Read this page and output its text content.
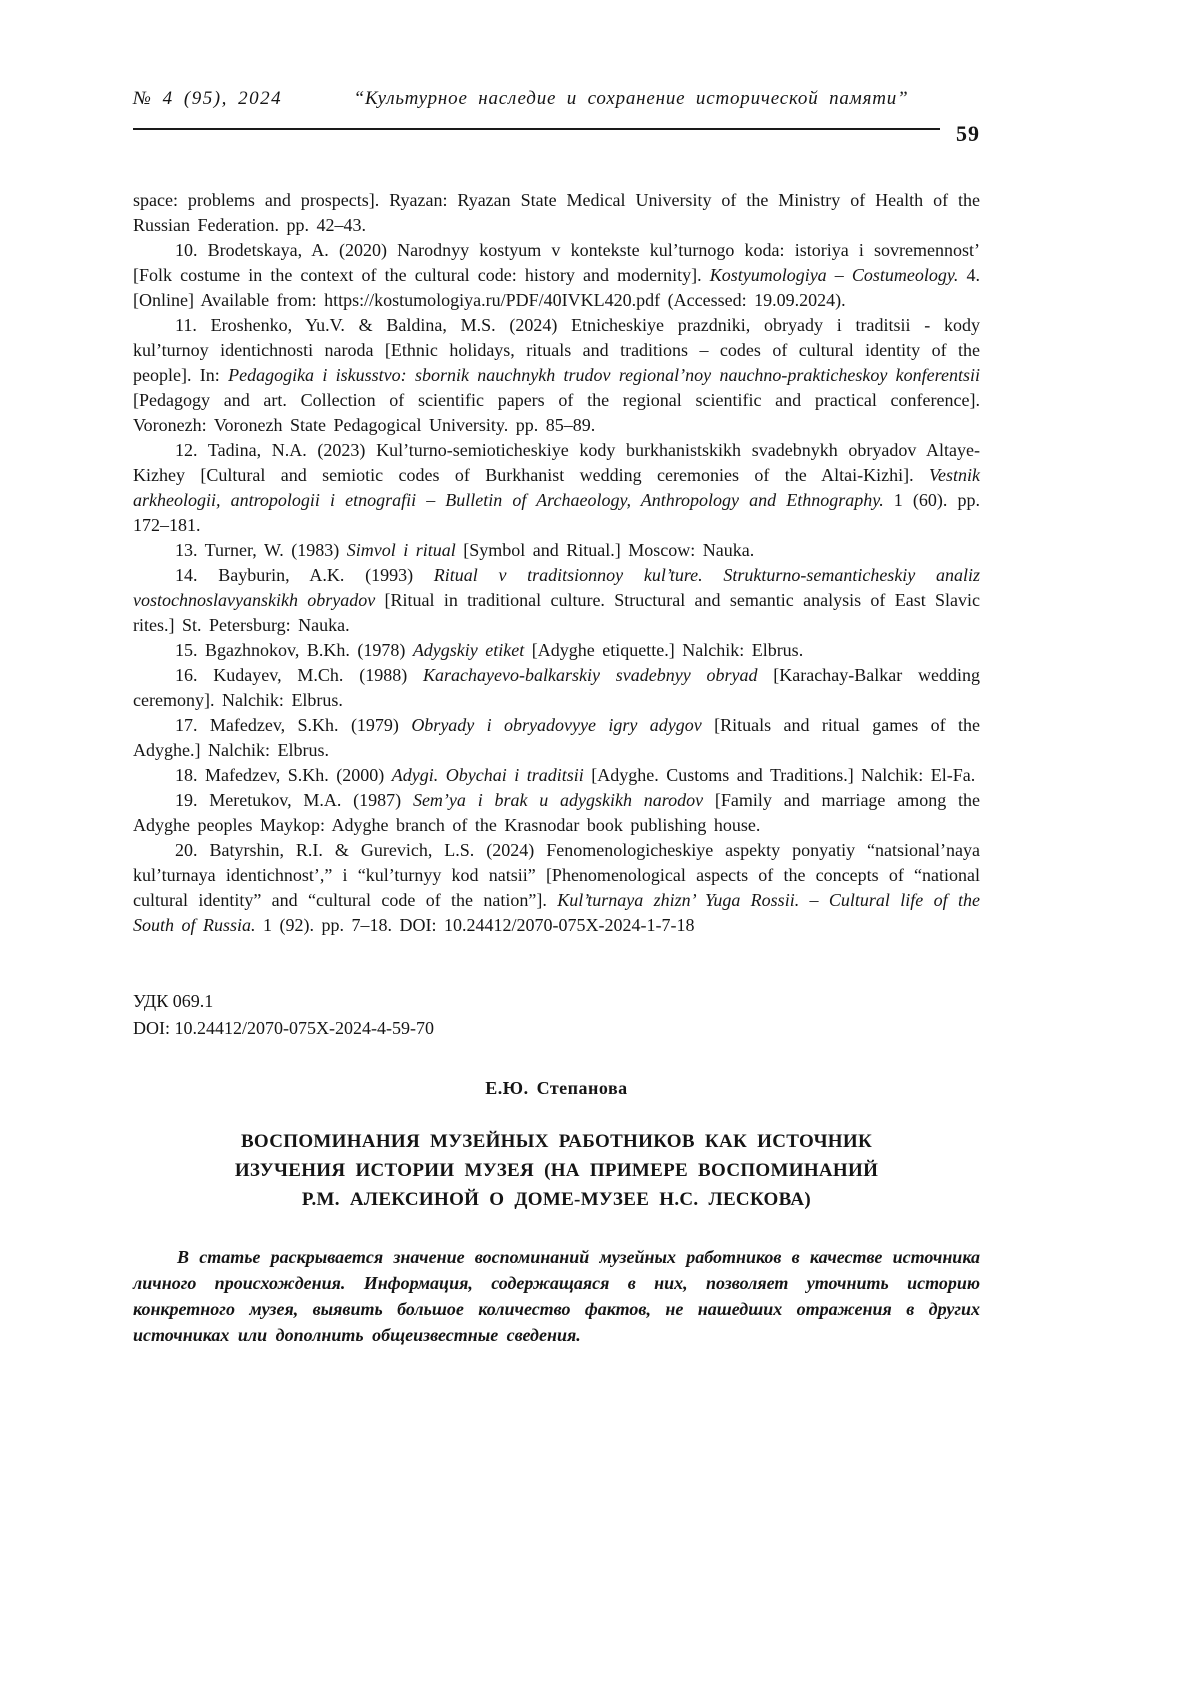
№ 4 (95), 2024	“Культурное наследие и сохранение исторической памяти”
59

space: problems and prospects]. Ryazan: Ryazan State Medical University of the Ministry of Health of the Russian Federation. pp. 42–43.

10. Brodetskaya, A. (2020) Narodnyy kostyum v kontekste kul’turnogo koda: istoriya i sovremennost’ [Folk costume in the context of the cultural code: history and modernity]. Kostyumologiya – Costumeology. 4. [Online] Available from: https://kostumologiya.ru/PDF/40IVKL420.pdf (Accessed: 19.09.2024).

11. Eroshenko, Yu.V. & Baldina, M.S. (2024) Etnicheskiye prazdniki, obryady i traditsii - kody kul’turnoy identichnosti naroda [Ethnic holidays, rituals and traditions – codes of cultural identity of the people]. In: Pedagogika i iskusstvo: sbornik nauchnykh trudov regional’noy nauchno-prakticheskoy konferentsii [Pedagogy and art. Collection of scientific papers of the regional scientific and practical conference]. Voronezh: Voronezh State Pedagogical University. pp. 85–89.

12. Tadina, N.A. (2023) Kul’turno-semioticheskiye kody burkhanistskikh svadebnykh obryadov Altaye-Kizhey [Cultural and semiotic codes of Burkhanist wedding ceremonies of the Altai-Kizhi]. Vestnik arkheologii, antropologii i etnografii – Bulletin of Archaeology, Anthropology and Ethnography. 1 (60). pp. 172–181.

13. Turner, W. (1983) Simvol i ritual [Symbol and Ritual.] Moscow: Nauka.

14. Bayburin, A.K. (1993) Ritual v traditsionnoy kul’ture. Strukturno-semanticheskiy analiz vostochnoslavyanskikh obryadov [Ritual in traditional culture. Structural and semantic analysis of East Slavic rites.] St. Petersburg: Nauka.

15. Bgazhnokov, B.Kh. (1978) Adygskiy etiket [Adyghe etiquette.] Nalchik: Elbrus.

16. Kudayev, M.Ch. (1988) Karachayevo-balkarskiy svadebnyy obryad [Karachay-Balkar wedding ceremony]. Nalchik: Elbrus.

17. Mafedzev, S.Kh. (1979) Obryady i obryadovyye igry adygov [Rituals and ritual games of the Adyghe.] Nalchik: Elbrus.

18. Mafedzev, S.Kh. (2000) Adygi. Obychai i traditsii [Adyghe. Customs and Traditions.] Nalchik: El-Fa.

19. Meretukov, M.A. (1987) Sem’ya i brak u adygskikh narodov [Family and marriage among the Adyghe peoples Maykop: Adyghe branch of the Krasnodar book publishing house.

20. Batyrshin, R.I. & Gurevich, L.S. (2024) Fenomenologicheskiye aspekty ponyatiy “natsional’naya kul’turnaya identichnost’,” i “kul’turnyy kod natsii” [Phenomenological aspects of the concepts of “national cultural identity” and “cultural code of the nation”]. Kul’turnaya zhizn’ Yuga Rossii. – Cultural life of the South of Russia. 1 (92). pp. 7–18. DOI: 10.24412/2070-075X-2024-1-7-18

УДК 069.1

DOI: 10.24412/2070-075X-2024-4-59-70

Е.Ю. Степанова

ВОСПОМИНАНИЯ МУЗЕЙНЫХ РАБОТНИКОВ КАК ИСТОЧНИК
ИЗУЧЕНИЯ ИСТОРИИ МУЗЕЯ (НА ПРИМЕРЕ ВОСПОМИНАНИЙ
Р.М. АЛЕКСИНОЙ О ДОМЕ-МУЗЕЕ Н.С. ЛЕСКОВА)

В статье раскрывается значение воспоминаний музейных работников в качестве источника личного происхождения. Информация, содержащаяся в них, позволяет уточнить историю конкретного музея, выявить большое количество фактов, не нашедших отражения в других источниках или дополнить общеизвестные сведения.
